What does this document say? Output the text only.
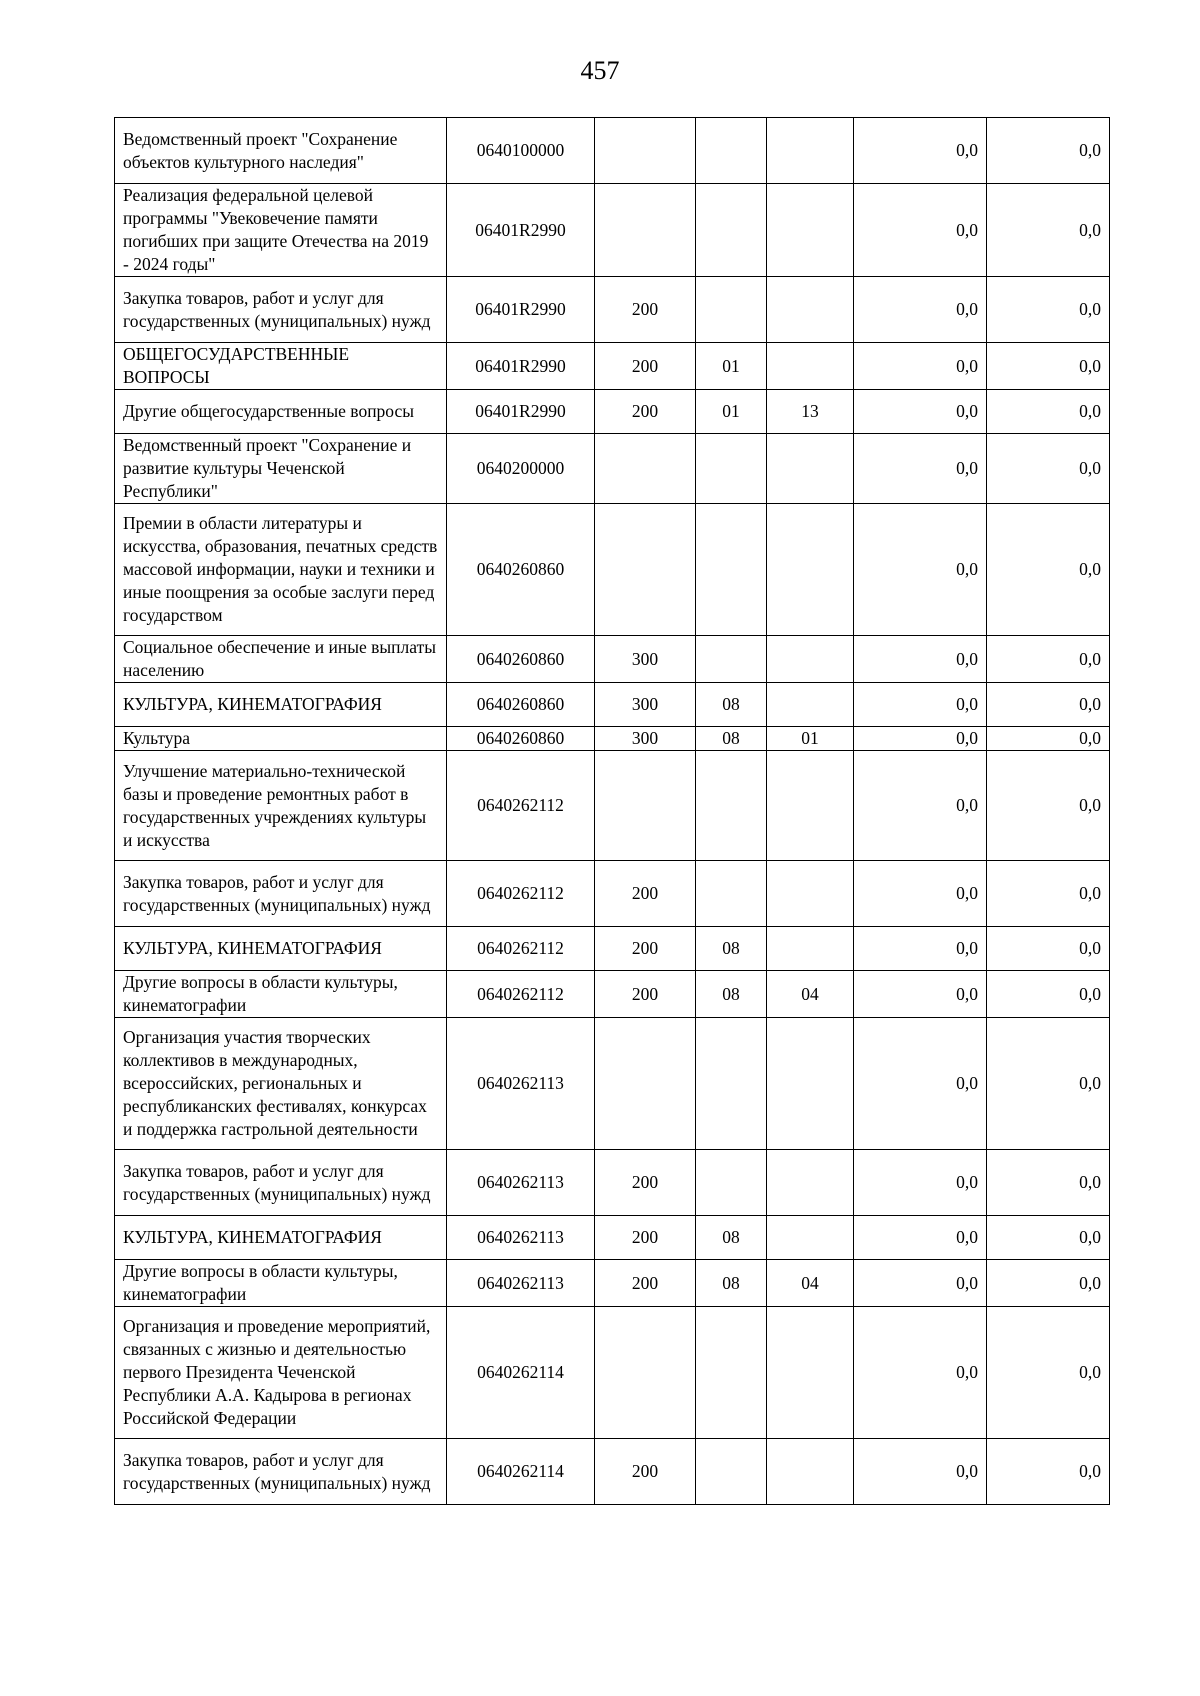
457
Ведомственный проект "Сохранение объектов культурного наследия"	0640100000				0,0	0,0
Реализация федеральной целевой программы "Увековечение памяти погибших при защите Отечества на 2019 - 2024 годы"	06401R2990				0,0	0,0
Закупка товаров, работ и услуг для государственных (муниципальных) нужд	06401R2990	200			0,0	0,0
ОБЩЕГОСУДАРСТВЕННЫЕ ВОПРОСЫ	06401R2990	200	01		0,0	0,0
Другие общегосударственные вопросы	06401R2990	200	01	13	0,0	0,0
Ведомственный проект "Сохранение и развитие культуры Чеченской Республики"	0640200000				0,0	0,0
Премии в области литературы и искусства, образования, печатных средств массовой информации, науки и техники и иные поощрения за особые заслуги перед государством	0640260860				0,0	0,0
Социальное обеспечение и иные выплаты населению	0640260860	300			0,0	0,0
КУЛЬТУРА, КИНЕМАТОГРАФИЯ	0640260860	300	08		0,0	0,0
Культура	0640260860	300	08	01	0,0	0,0
Улучшение материально-технической базы и проведение ремонтных работ в государственных учреждениях культуры и искусства	0640262112				0,0	0,0
Закупка товаров, работ и услуг для государственных (муниципальных) нужд	0640262112	200			0,0	0,0
КУЛЬТУРА, КИНЕМАТОГРАФИЯ	0640262112	200	08		0,0	0,0
Другие вопросы в области культуры, кинематографии	0640262112	200	08	04	0,0	0,0
Организация участия творческих коллективов в международных, всероссийских, региональных и республиканских фестивалях, конкурсах и поддержка гастрольной деятельности	0640262113				0,0	0,0
Закупка товаров, работ и услуг для государственных (муниципальных) нужд	0640262113	200			0,0	0,0
КУЛЬТУРА, КИНЕМАТОГРАФИЯ	0640262113	200	08		0,0	0,0
Другие вопросы в области культуры, кинематографии	0640262113	200	08	04	0,0	0,0
Организация и проведение мероприятий, связанных с жизнью и деятельностью первого Президента Чеченской Республики А.А. Кадырова в регионах Российской Федерации	0640262114				0,0	0,0
Закупка товаров, работ и услуг для государственных (муниципальных) нужд	0640262114	200			0,0	0,0
